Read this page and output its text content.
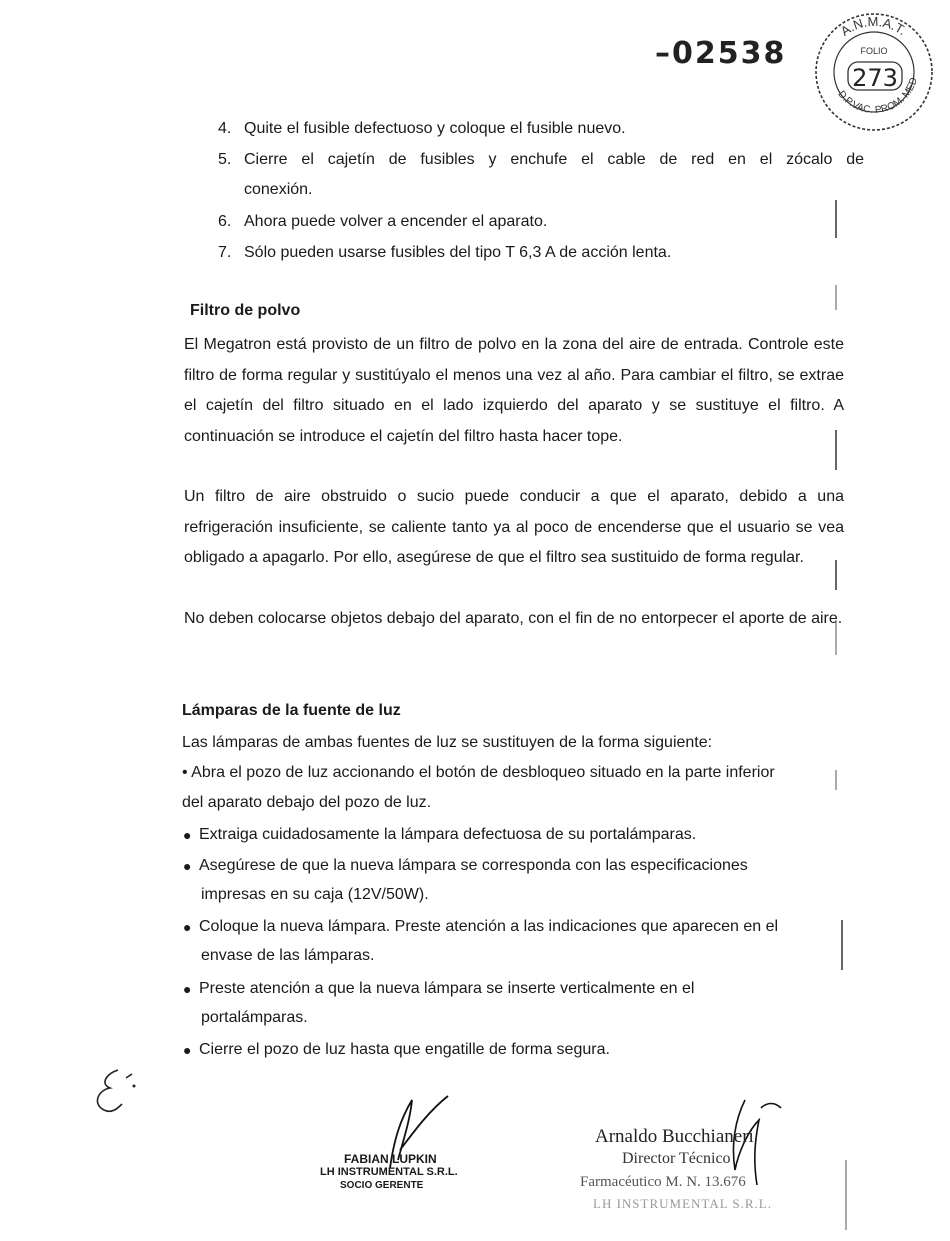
–02538
A.N.M.A.T.
D.P.VAC. PROM. MED
FOLIO
273
4. Quite el fusible defectuoso y coloque el fusible nuevo.
5. Cierre el cajetín de fusibles y enchufe el cable de red en el zócalo de
conexión.
6. Ahora puede volver a encender el aparato.
7. Sólo pueden usarse fusibles del tipo T 6,3 A de acción lenta.
Filtro de polvo
El Megatron está provisto de un filtro de polvo en la zona del aire de entrada. Controle este filtro de forma regular y sustitúyalo el menos una vez al año. Para cambiar el filtro, se extrae el cajetín del filtro situado en el lado izquierdo del aparato y se sustituye el filtro. A continuación se introduce el cajetín del filtro hasta hacer tope.
Un filtro de aire obstruido o sucio puede conducir a que el aparato, debido a una refrigeración insuficiente, se caliente tanto ya al poco de encenderse que el usuario se vea obligado a apagarlo. Por ello, asegúrese de que el filtro sea sustituido de forma regular.
No deben colocarse objetos debajo del aparato, con el fin de no entorpecer el aporte de aire.
Lámparas de la fuente de luz
Las lámparas de ambas fuentes de luz se sustituyen de la forma siguiente:
• Abra el pozo de luz accionando el botón de desbloqueo situado en la parte inferior
del aparato debajo del pozo de luz.
● Extraiga cuidadosamente la lámpara defectuosa de su portalámparas.
● Asegúrese de que la nueva lámpara se corresponda con las especificaciones
impresas en su caja (12V/50W).
● Coloque la nueva lámpara. Preste atención a las indicaciones que aparecen en el
envase de las lámparas.
● Preste atención a que la nueva lámpara se inserte verticalmente en el
portalámparas.
● Cierre el pozo de luz hasta que engatille de forma segura.
FABIAN LUPKIN
LH INSTRUMENTAL S.R.L.
SOCIO GERENTE
Arnaldo Bucchianeri
Director Técnico
Farmacéutico M. N. 13.676
LH INSTRUMENTAL S.R.L.
